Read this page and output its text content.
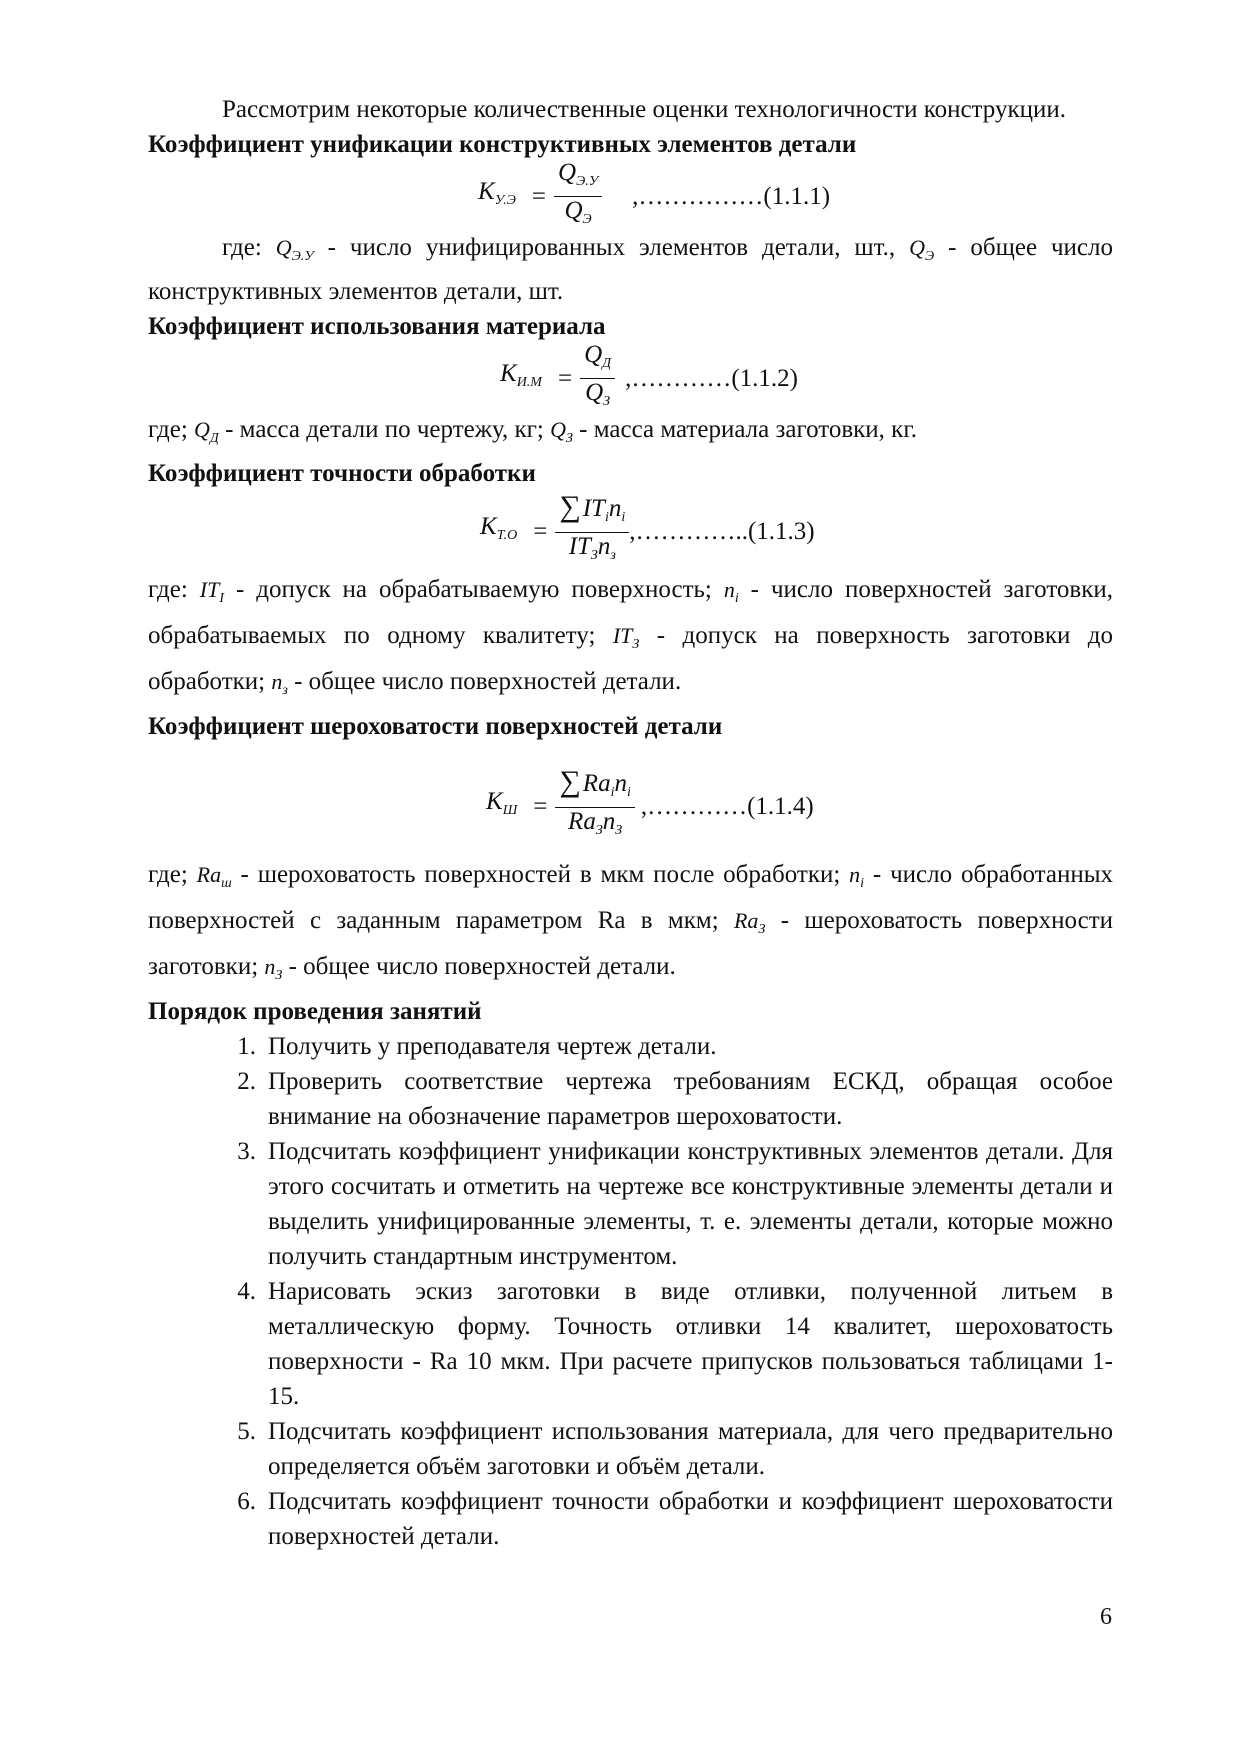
Рассмотрим некоторые количественные оценки технологичности конструкции.

Коэффициент унификации конструктивных элементов детали

$K_{У.Э} = \frac{Q_{Э.У}}{Q_Э}$ ,……………(1.1.1)

где: $Q_{Э.У}$ - число унифицированных элементов детали, шт., $Q_Э$ - общее число конструктивных элементов детали, шт.

Коэффициент использования материала

$K_{И.М} = \frac{Q_Д}{Q_З}$ ,…………(1.1.2)

где; $Q_Д$ - масса детали по чертежу, кг; $Q_З$ - масса материала заготовки, кг.

Коэффициент точности обработки

$K_{Т.О} = \frac{\sum IT_in_i}{IT_Зn_з}$ ,…………..(1.1.3)

где: $IT_I$ - допуск на обрабатываемую поверхность; $n_i$ - число поверхностей заготовки, обрабатываемых по одному квалитету; $IT_З$ - допуск на поверхность заготовки до обработки; $n_з$ - общее число поверхностей детали.

Коэффициент шероховатости поверхностей детали

$K_Ш = \frac{\sum Ra_in_i}{Ra_Зn_З}$ ,…………(1.1.4)

где; $Ra_ш$ - шероховатость поверхностей в мкм после обработки; $n_i$ - число обработанных поверхностей с заданным параметром Ra в мкм; $Ra_З$ - шероховатость поверхности заготовки; $n_З$ - общее число поверхностей детали.

Порядок проведения занятий

1. Получить у преподавателя чертеж детали.
2. Проверить соответствие чертежа требованиям ЕСКД, обращая особое внимание на обозначение параметров шероховатости.
3. Подсчитать коэффициент унификации конструктивных элементов детали. Для этого сосчитать и отметить на чертеже все конструктивные элементы детали и выделить унифицированные элементы, т. е. элементы детали, которые можно получить стандартным инструментом.
4. Нарисовать эскиз заготовки в виде отливки, полученной литьем в металлическую форму. Точность отливки 14 квалитет, шероховатость поверхности - Ra 10 мкм. При расчете припусков пользоваться таблицами 1-15.
5. Подсчитать коэффициент использования материала, для чего предварительно определяется объём заготовки и объём детали.
6. Подсчитать коэффициент точности обработки и коэффициент шероховатости поверхностей детали.
6
